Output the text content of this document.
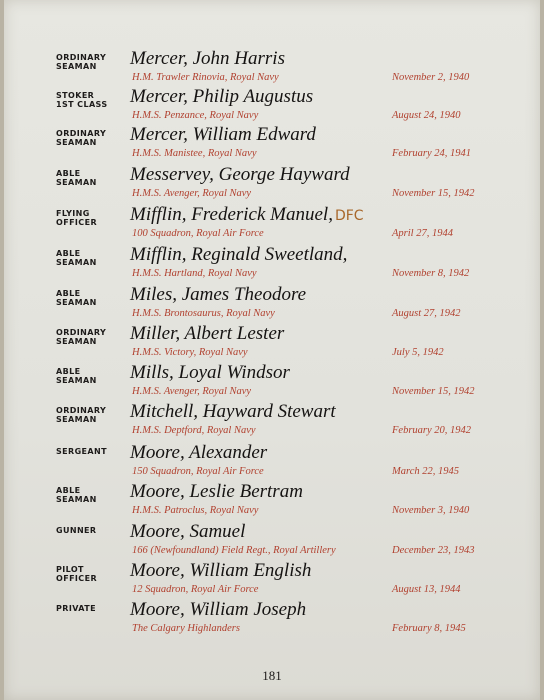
ORDINARY
SEAMAN	Mercer, John Harris
H.M. Trawler Rinovia, Royal Navy	November 2, 1940
STOKER
1ST CLASS	Mercer, Philip Augustus
H.M.S. Penzance, Royal Navy	August 24, 1940
ORDINARY
SEAMAN	Mercer, William Edward
H.M.S. Manistee, Royal Navy	February 24, 1941
ABLE
SEAMAN	Messervey, George Hayward
H.M.S. Avenger, Royal Navy	November 15, 1942
FLYING
OFFICER	Mifflin, Frederick Manuel, DFC
100 Squadron, Royal Air Force	April 27, 1944
ABLE
SEAMAN	Mifflin, Reginald Sweetland,
H.M.S. Hartland, Royal Navy	November 8, 1942
ABLE
SEAMAN	Miles, James Theodore
H.M.S. Brontosaurus, Royal Navy	August 27, 1942
ORDINARY
SEAMAN	Miller, Albert Lester
H.M.S. Victory, Royal Navy	July 5, 1942
ABLE
SEAMAN	Mills, Loyal Windsor
H.M.S. Avenger, Royal Navy	November 15, 1942
ORDINARY
SEAMAN	Mitchell, Hayward Stewart
H.M.S. Deptford, Royal Navy	February 20, 1942
SERGEANT	Moore, Alexander
150 Squadron, Royal Air Force	March 22, 1945
ABLE
SEAMAN	Moore, Leslie Bertram
H.M.S. Patroclus, Royal Navy	November 3, 1940
GUNNER	Moore, Samuel
166 (Newfoundland) Field Regt., Royal Artillery	December 23, 1943
PILOT
OFFICER	Moore, William English
12 Squadron, Royal Air Force	August 13, 1944
PRIVATE	Moore, William Joseph
The Calgary Highlanders	February 8, 1945
181
